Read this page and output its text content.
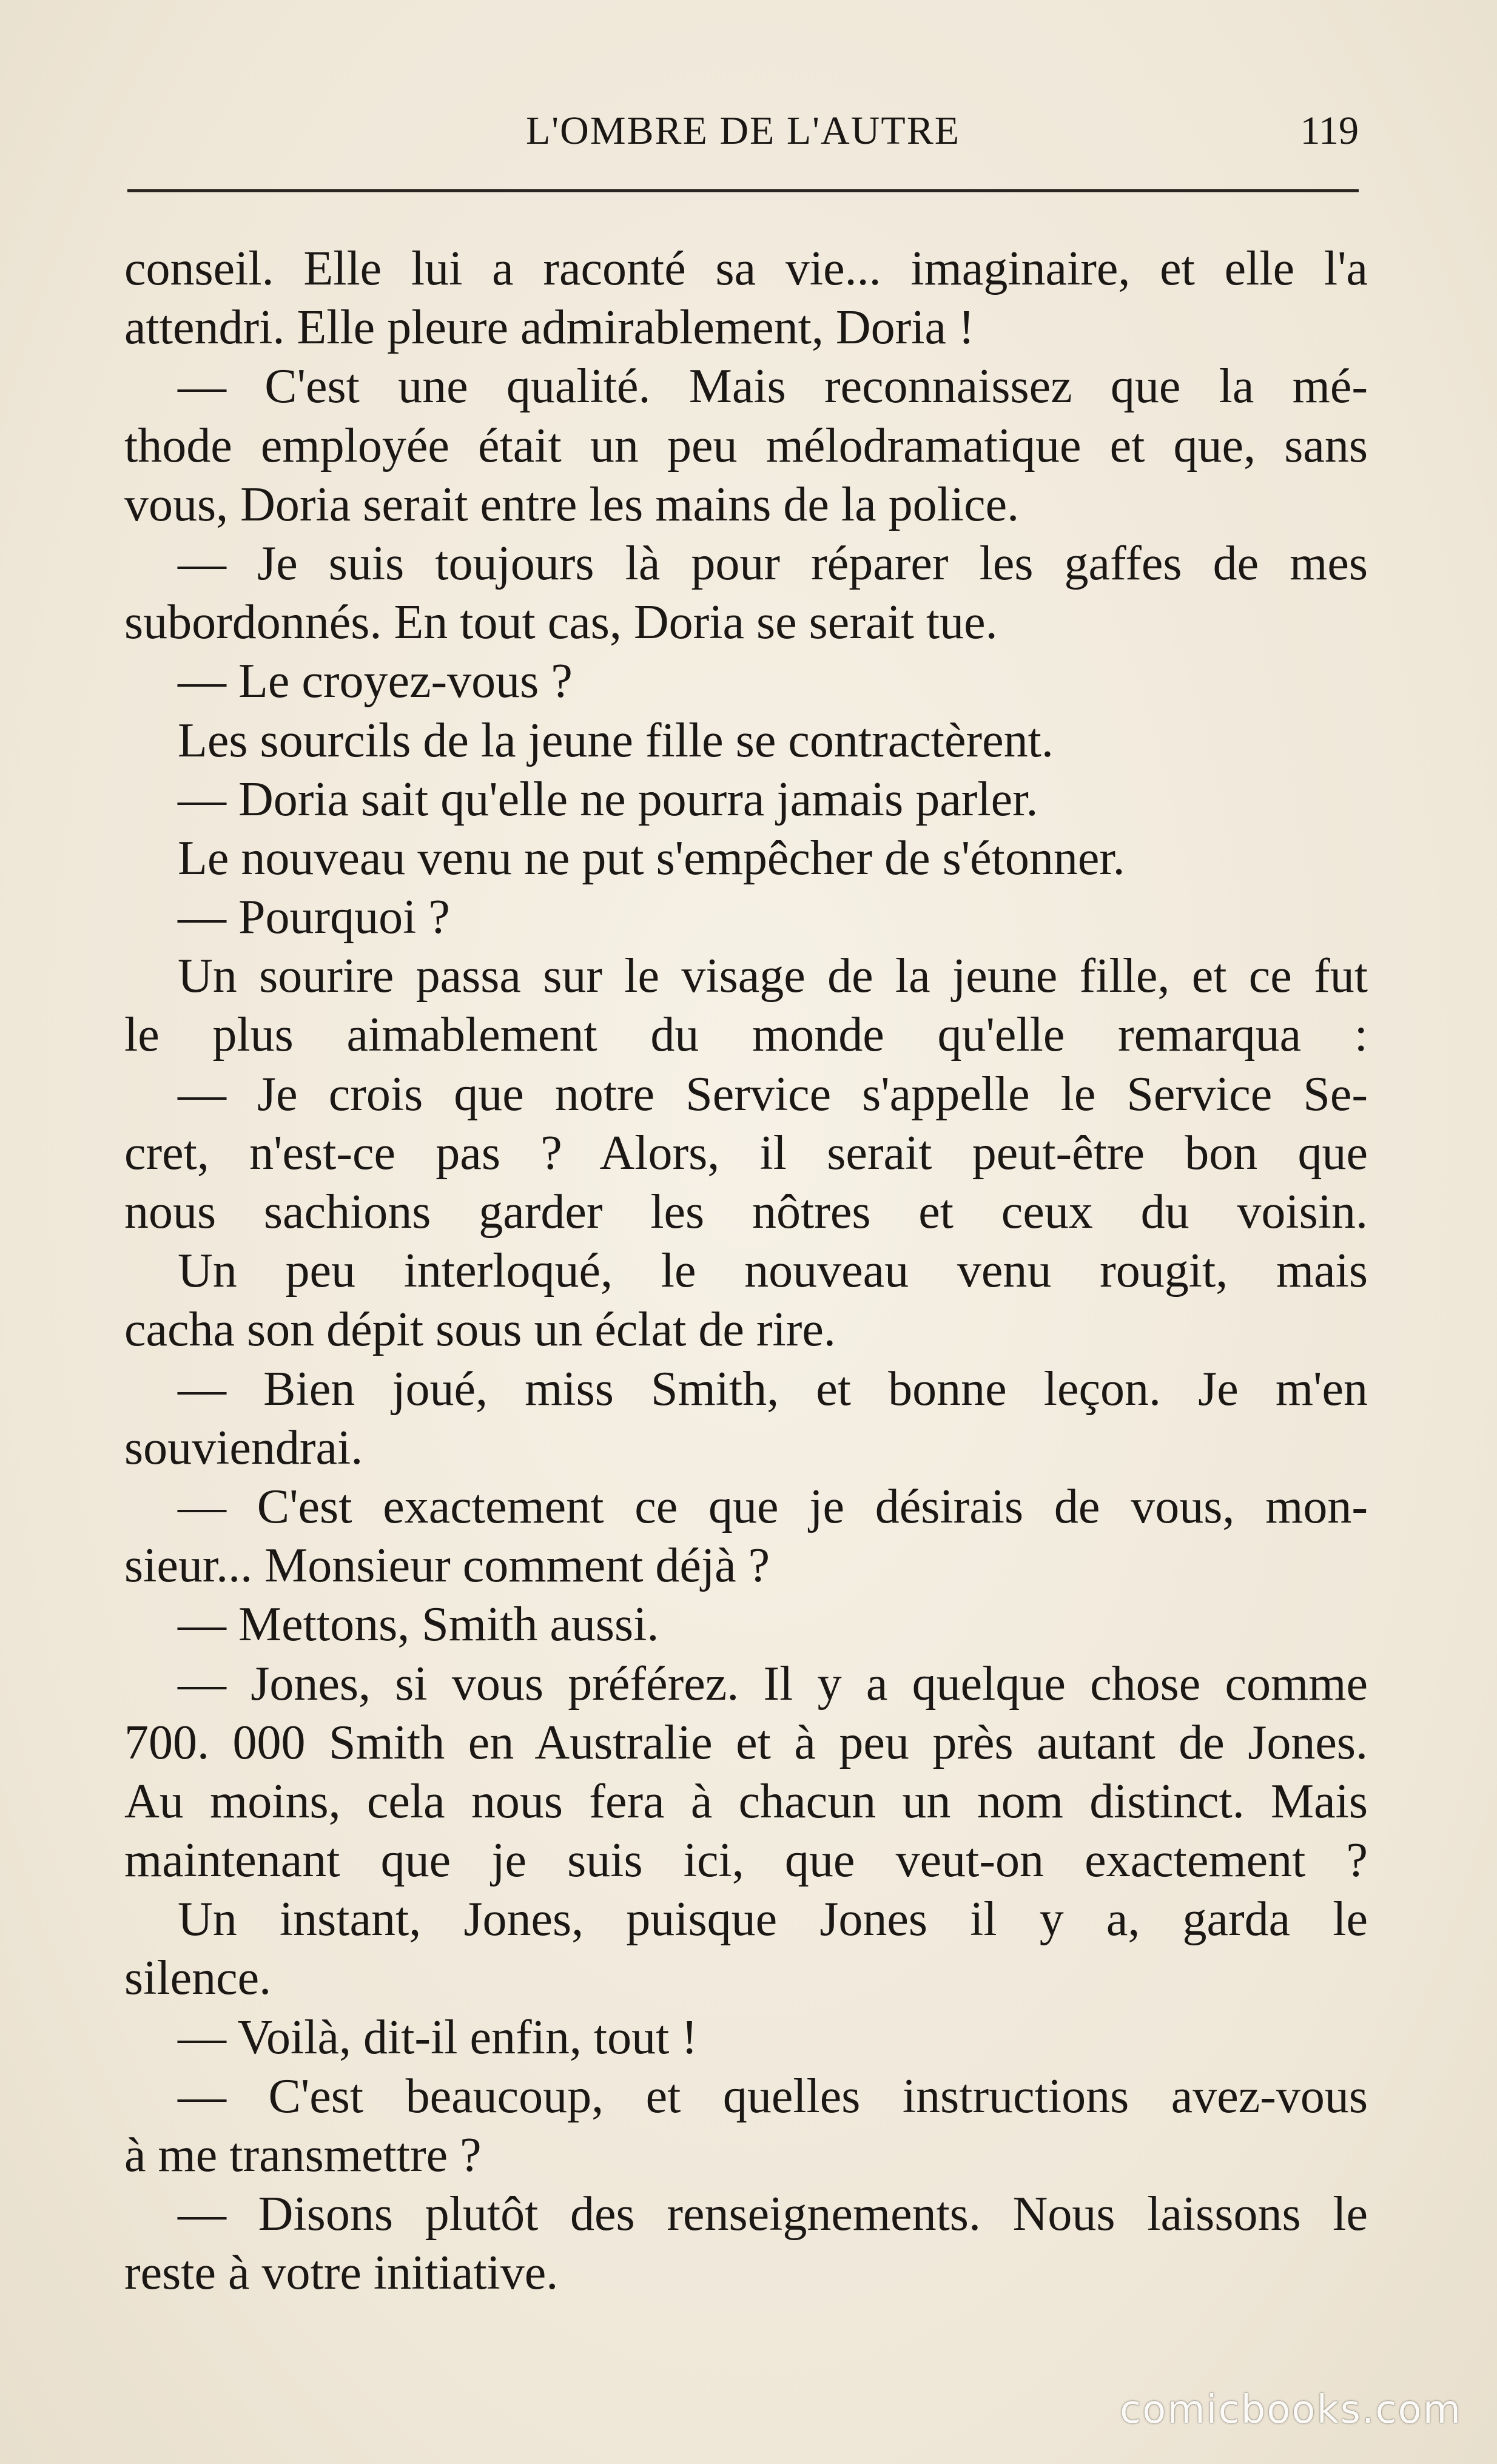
L'OMBRE DE L'AUTRE	119
conseil. Elle lui a raconté sa vie... imaginaire, et elle l'a
attendri. Elle pleure admirablement, Doria !
— C'est une qualité. Mais reconnaissez que la mé-
thode employée était un peu mélodramatique et que, sans
vous, Doria serait entre les mains de la police.
— Je suis toujours là pour réparer les gaffes de mes
subordonnés. En tout cas, Doria se serait tue.
— Le croyez-vous ?
Les sourcils de la jeune fille se contractèrent.
— Doria sait qu'elle ne pourra jamais parler.
Le nouveau venu ne put s'empêcher de s'étonner.
— Pourquoi ?
Un sourire passa sur le visage de la jeune fille, et ce fut
le plus aimablement du monde qu'elle remarqua :
— Je crois que notre Service s'appelle le Service Se-
cret, n'est-ce pas ? Alors, il serait peut-être bon que
nous sachions garder les nôtres et ceux du voisin.
Un peu interloqué, le nouveau venu rougit, mais
cacha son dépit sous un éclat de rire.
— Bien joué, miss Smith, et bonne leçon. Je m'en
souviendrai.
— C'est exactement ce que je désirais de vous, mon-
sieur... Monsieur comment déjà ?
— Mettons, Smith aussi.
— Jones, si vous préférez. Il y a quelque chose comme
700. 000 Smith en Australie et à peu près autant de Jones.
Au moins, cela nous fera à chacun un nom distinct. Mais
maintenant que je suis ici, que veut-on exactement ?
Un instant, Jones, puisque Jones il y a, garda le
silence.
— Voilà, dit-il enfin, tout !
— C'est beaucoup, et quelles instructions avez-vous
à me transmettre ?
— Disons plutôt des renseignements. Nous laissons le
reste à votre initiative.
comicbooks.com
